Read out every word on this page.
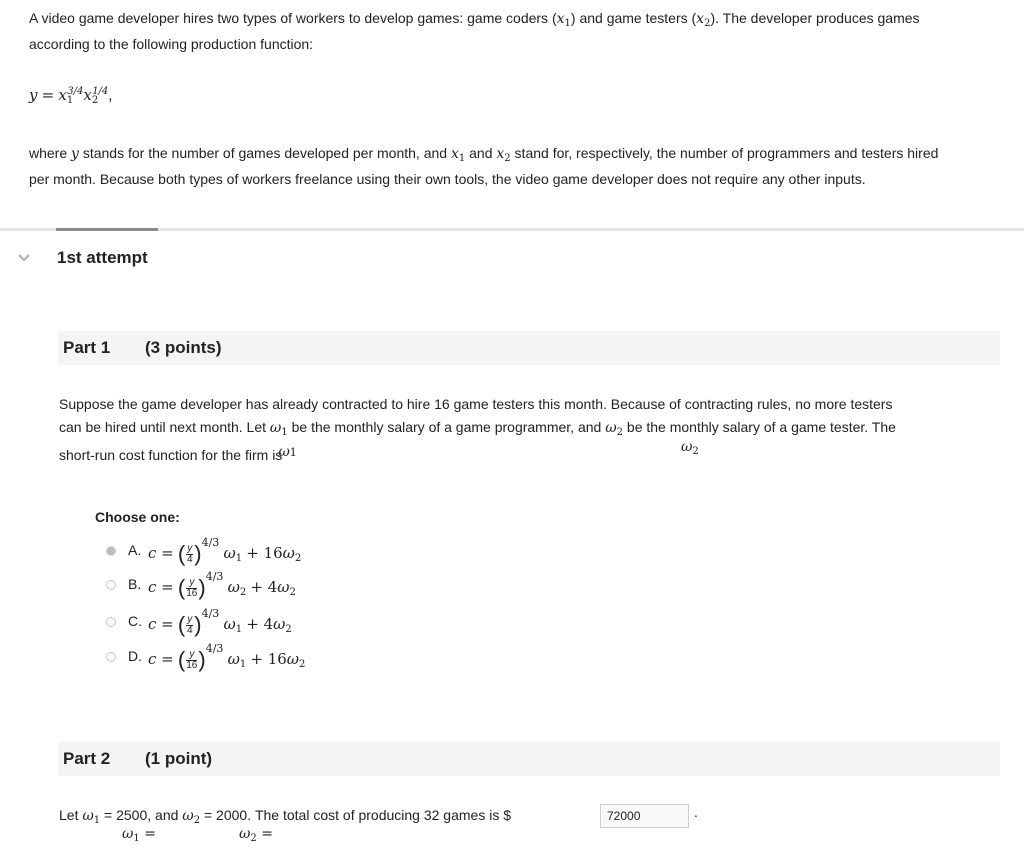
A video game developer hires two types of workers to develop games: game coders $(x_1)$ and game testers $(x_2)$. The developer produces games
according to the following production function:
$y = x_1^{3/4}x_2^{1/4}$,
where y stands for the number of games developed per month, and $x_1$ and $x_2$ stand for, respectively, the number of programmers and testers hired
per month. Because both types of workers freelance using their own tools, the video game developer does not require any other inputs.
1st attempt
Part 1 (3 points)
Suppose the game developer has already contracted to hire 16 game testers this month. Because of contracting rules, no more testers
can be hired until next month. Let $\omega_1$ be the monthly salary of a game programmer, and $\omega_2$ be the monthly salary of a game tester. The
short-run cost function for the firm isω1	$\omega_2$
Choose one:
A. c = ( $\frac{y}{4} )^{4/3}$ $\omega_1 + 16\omega_2$
B. c = ( $\frac{y}{16} )^{4/3}$ $\omega_2 + 4\omega_2$
C. c = ( $\frac{y}{4} )^{4/3}$ $\omega_1 + 4\omega_2$
D. c = ( $\frac{y}{16} )^{4/3}$ $\omega_1 + 16\omega_2$
Part 2 (1 point)
Let $\omega_1 = 2500$, and $\omega_2 = 2000$. The total cost of producing 32 games is $
72000	.
$\omega_1$ =	$\omega_2$ =
